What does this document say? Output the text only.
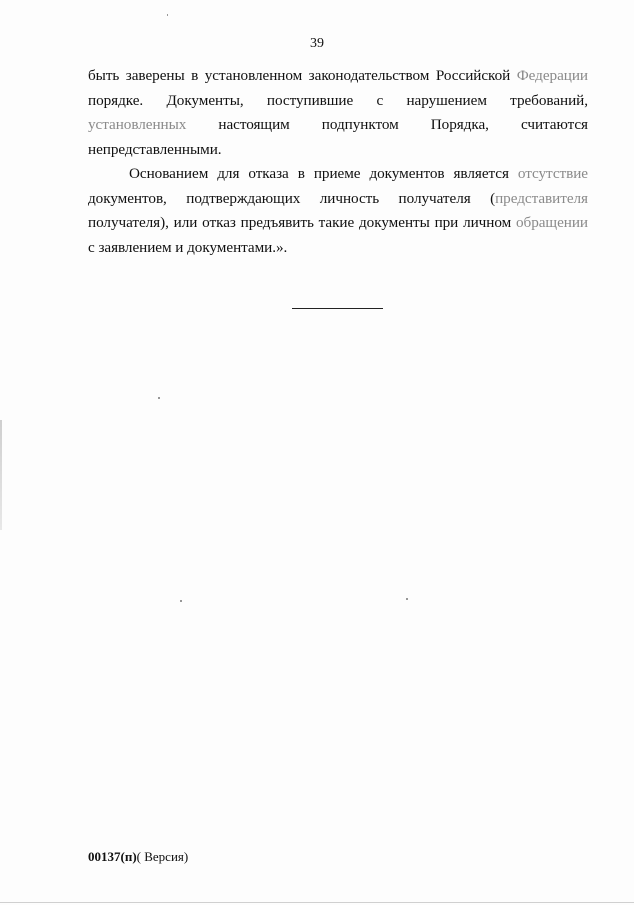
39

быть заверены в установленном законодательством Российской Федерации порядке. Документы, поступившие с нарушением требований, установленных настоящим подпунктом Порядка, считаются непредставленными.

Основанием для отказа в приеме документов является отсутствие документов, подтверждающих личность получателя (представителя получателя), или отказ предъявить такие документы при личном обращении с заявлением и документами.».

00137(п)( Версия)
